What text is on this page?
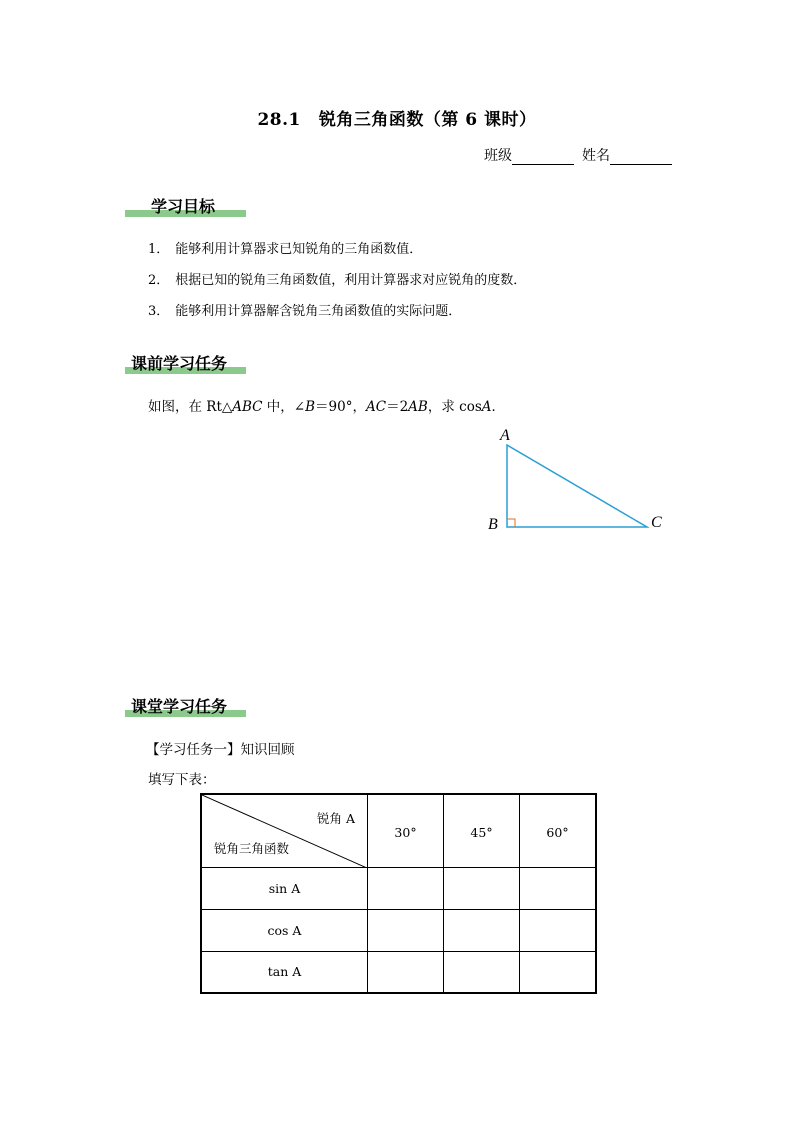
28.1 锐角三角函数（第 6 课时）
班级	姓名
学习目标
1． 能够利用计算器求已知锐角的三角函数值．
2． 根据已知的锐角三角函数值，利用计算器求对应锐角的度数．
3． 能够利用计算器解含锐角三角函数值的实际问题．
课前学习任务
如图，在 Rt△ABC 中，∠B＝90°，AC＝2AB，求 cosA．
A
B	C
课堂学习任务
【学习任务一】知识回顾
填写下表：
锐角 A
锐角三角函数	30°	45°	60°

sin A			
cos A			
tan A			
